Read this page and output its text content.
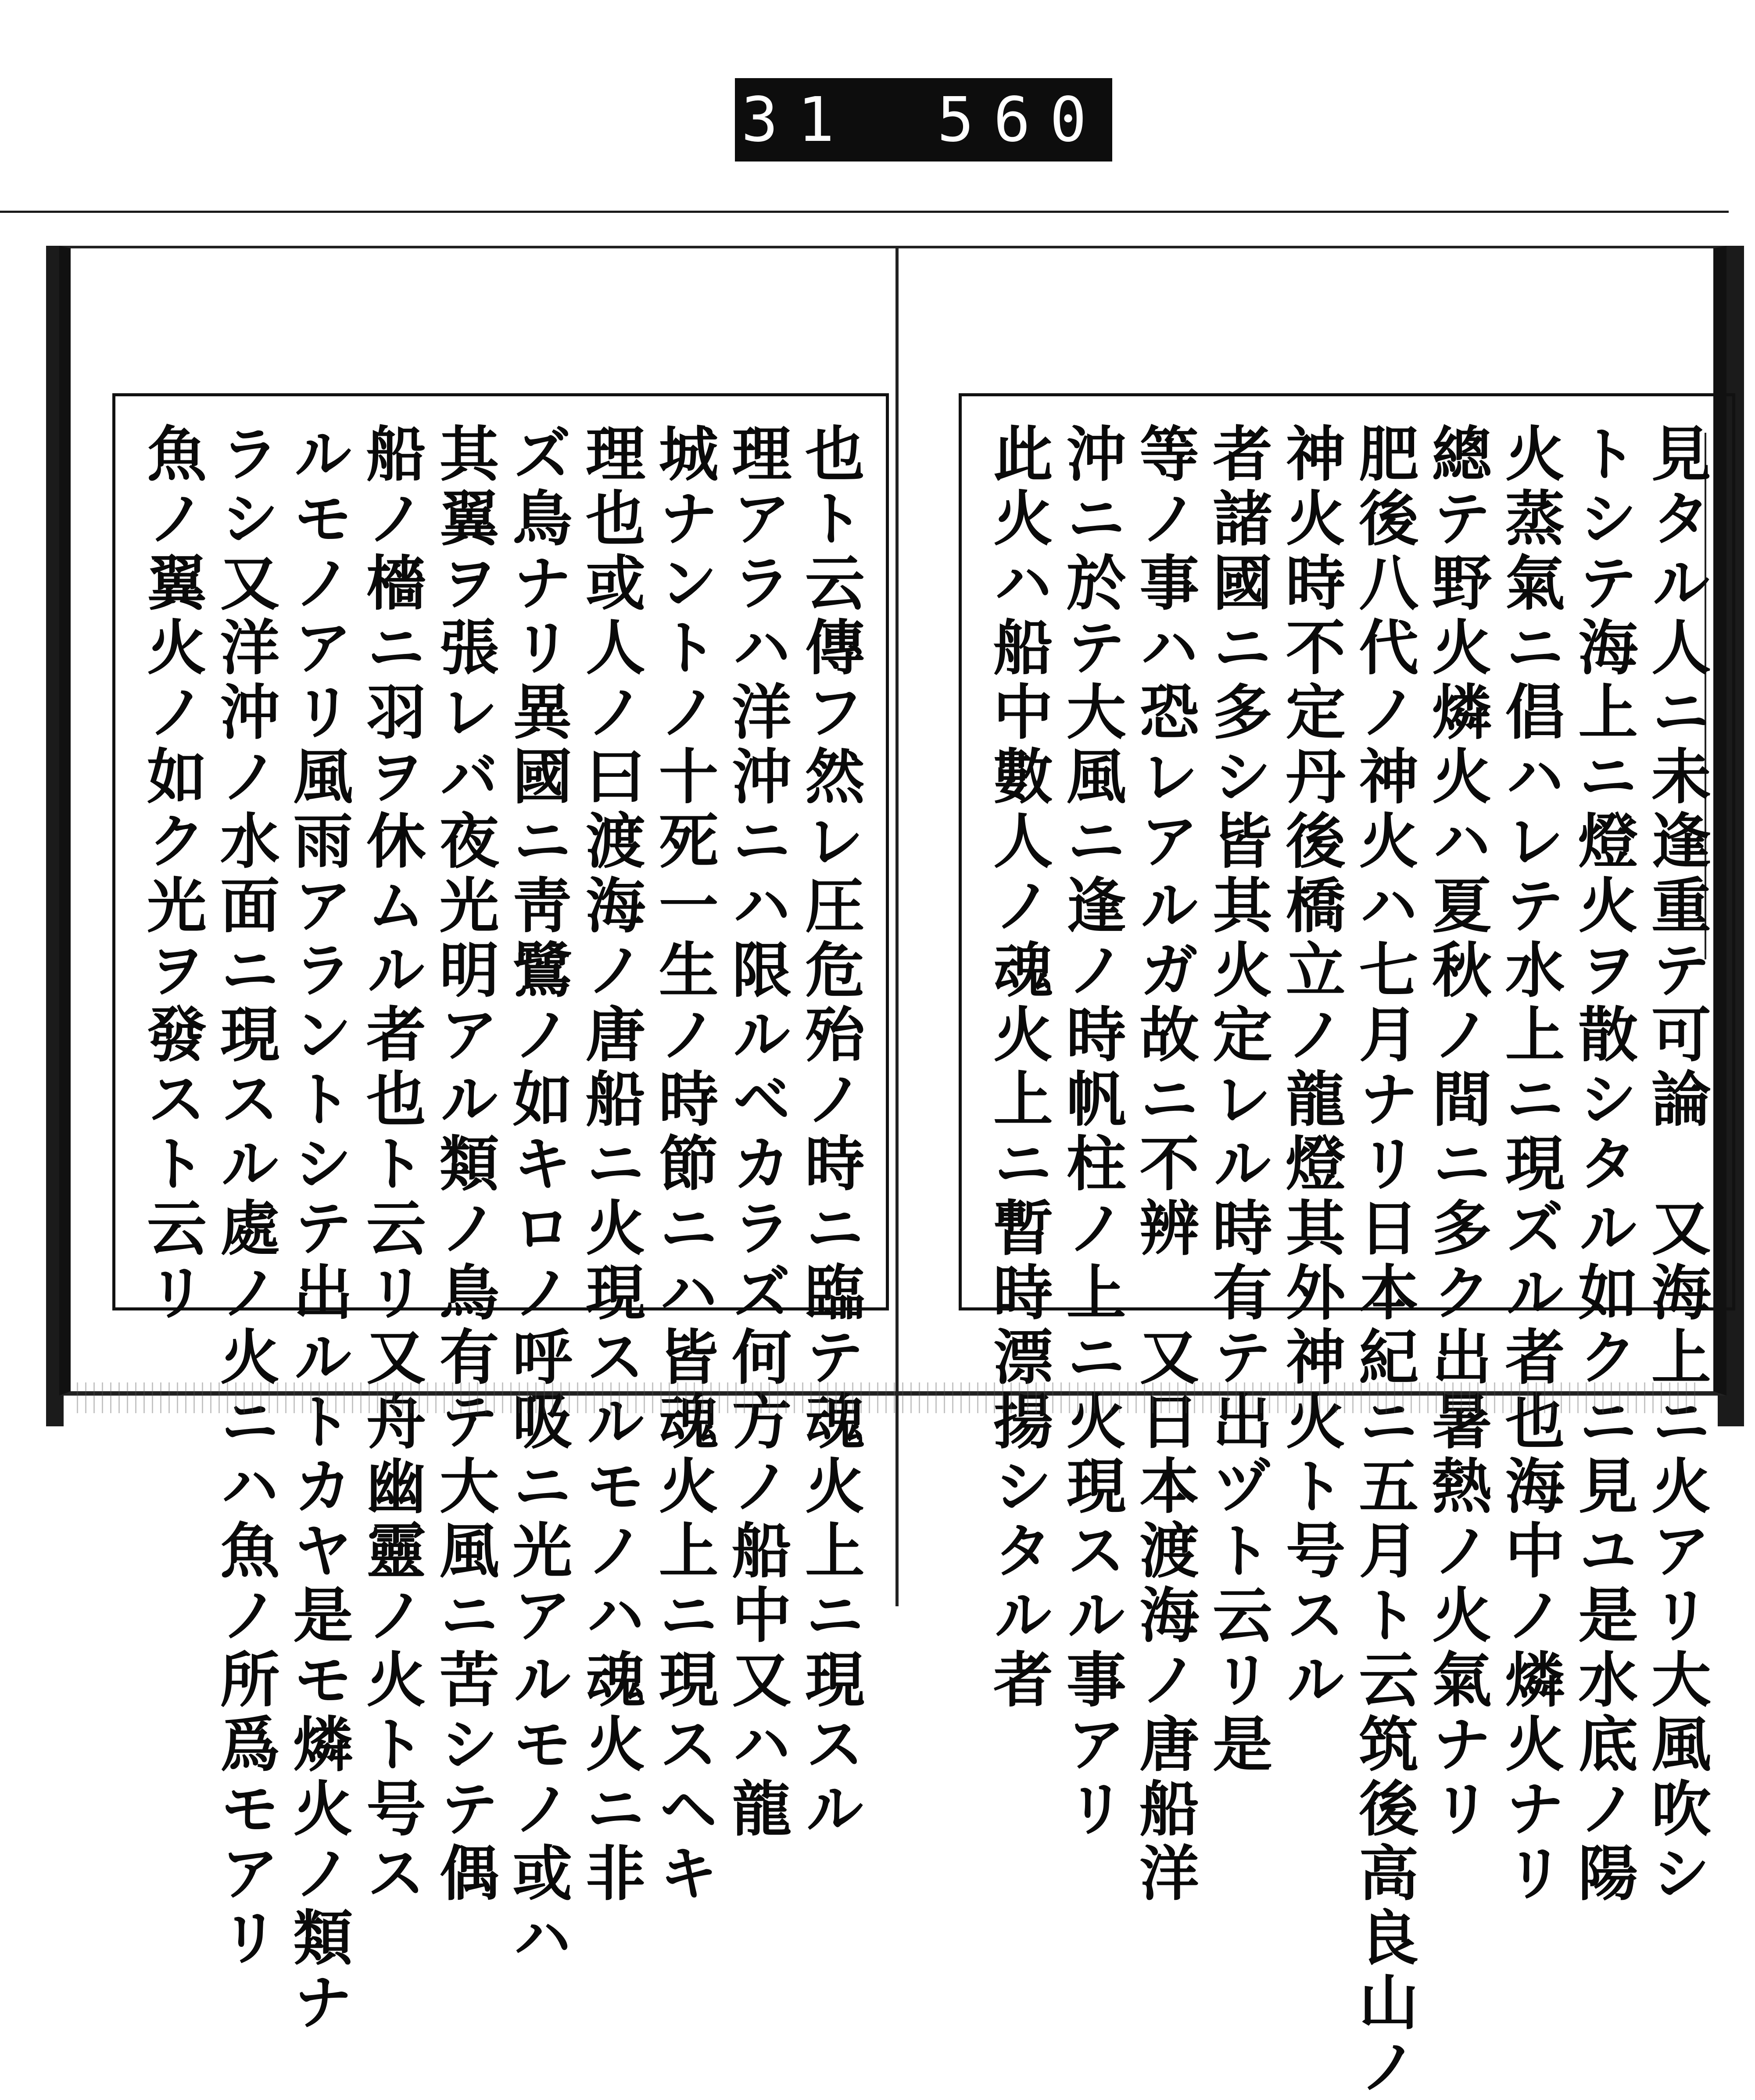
931 560.
也ト云傳フ然レ圧危殆ノ時ニ臨テ魂火上ニ現スル
理アラハ洋沖ニハ限ルベカラズ何方ノ船中又ハ龍
城ナントノ十死一生ノ時節ニハ皆魂火上ニ現スヘキ
理也或人ノ曰渡海ノ唐船ニ火現スルモノハ魂火ニ非
ズ鳥ナリ異國ニ靑鷺ノ如キロノ呼吸ニ光アルモノ或ハ
其翼ヲ張レバ夜光明アル類ノ鳥有テ大風ニ苦シテ偶
船ノ檣ニ羽ヲ休ムル者也ト云リ又舟幽靈ノ火ト号ス
ルモノアリ風雨アラントシテ出ルトカヤ是モ燐火ノ類ナ
ラシ又洋沖ノ水面ニ現スル處ノ火ニハ魚ノ所爲モアリ
魚ノ翼火ノ如ク光ヲ發スト云リ	見タル人ニ未逢重テ可論　又海上ニ火アリ大風吹シ
トシテ海上ニ燈火ヲ散シタル如クニ見ユ是水底ノ陽
火蒸氣ニ倡ハレテ水上ニ現ズル者也海中ノ燐火ナリ
總テ野火燐火ハ夏秋ノ間ニ多ク出暑熱ノ火氣ナリ
肥後八代ノ神火ハ七月ナリ日本紀ニ五月ト云筑後高良山ノ
神火時不定丹後橋立ノ龍燈其外神火ト号スル
者諸國ニ多シ皆其火定レル時有テ出ヅト云リ是
等ノ事ハ恐レアルガ故ニ不辨　又日本渡海ノ唐船洋
沖ニ於テ大風ニ逢ノ時帆柱ノ上ニ火現スル事アリ
此火ハ船中數人ノ魂火上ニ暫時漂揚シタル者
